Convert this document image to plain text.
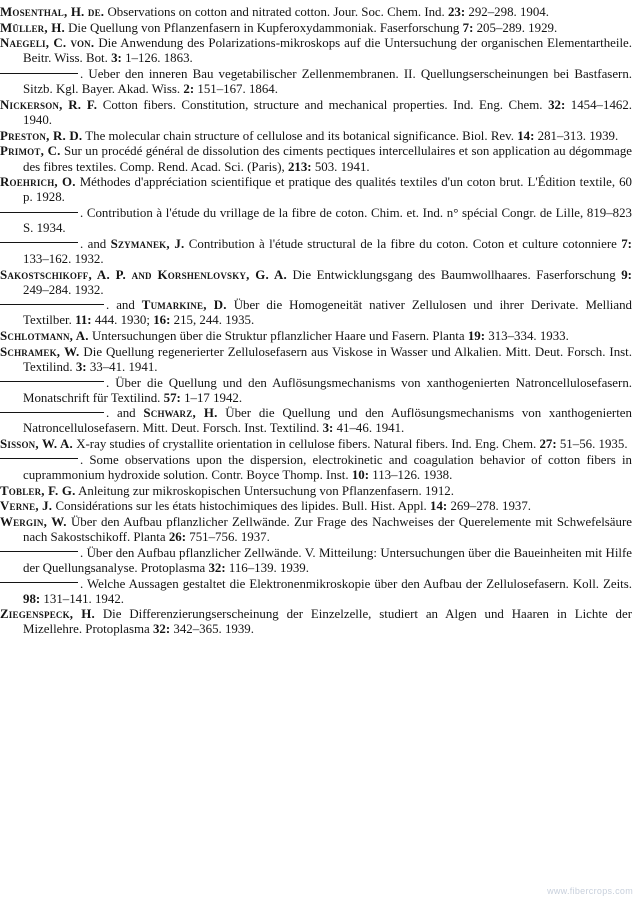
Mosenthal, H. de. Observations on cotton and nitrated cotton. Jour. Soc. Chem. Ind. 23: 292–298. 1904.
Müller, H. Die Quellung von Pflanzenfasern in Kupferoxydammoniak. Faserforschung 7: 205–289. 1929.
Naegeli, C. von. Die Anwendung des Polarizations-mikroskops auf die Untersuchung der organischen Elementartheile. Beitr. Wiss. Bot. 3: 1–126. 1863.
. Ueber den inneren Bau vegetabilischer Zellenmembranen. II. Quellungserscheinungen bei Bastfasern. Sitzb. Kgl. Bayer. Akad. Wiss. 2: 151–167. 1864.
Nickerson, R. F. Cotton fibers. Constitution, structure and mechanical properties. Ind. Eng. Chem. 32: 1454–1462. 1940.
Preston, R. D. The molecular chain structure of cellulose and its botanical significance. Biol. Rev. 14: 281–313. 1939.
Primot, C. Sur un procédé général de dissolution des ciments pectiques intercellulaires et son application au dégommage des fibres textiles. Comp. Rend. Acad. Sci. (Paris), 213: 503. 1941.
Roehrich, O. Méthodes d'appréciation scientifique et pratique des qualités textiles d'un coton brut. L'Édition textile, 60 p. 1928.
. Contribution à l'étude du vrillage de la fibre de coton. Chim. et. Ind. n° spécial Congr. de Lille, 819–823 S. 1934.
. and Szymanek, J. Contribution à l'étude structural de la fibre du coton. Coton et culture cotonniere 7: 133–162. 1932.
Sakostschikoff, A. P. and Korshenlovsky, G. A. Die Entwicklungsgang des Baumwollhaares. Faserforschung 9: 249–284. 1932.
. and Tumarkine, D. Über die Homogeneität nativer Zellulosen und ihrer Derivate. Melliand Textilber. 11: 444. 1930; 16: 215, 244. 1935.
Schlotmann, A. Untersuchungen über die Struktur pflanzlicher Haare und Fasern. Planta 19: 313–334. 1933.
Schramek, W. Die Quellung regenerierter Zellulosefasern aus Viskose in Wasser und Alkalien. Mitt. Deut. Forsch. Inst. Textilind. 3: 33–41. 1941.
. Über die Quellung und den Auflösungsmechanisms von xanthogenierten Natroncellulosefasern. Monatschrift für Textilind. 57: 1–17 1942.
. and Schwarz, H. Über die Quellung und den Auflösungsmechanisms von xanthogenierten Natroncellulosefasern. Mitt. Deut. Forsch. Inst. Textilind. 3: 41–46. 1941.
Sisson, W. A. X-ray studies of crystallite orientation in cellulose fibers. Natural fibers. Ind. Eng. Chem. 27: 51–56. 1935.
. Some observations upon the dispersion, electrokinetic and coagulation behavior of cotton fibers in cuprammonium hydroxide solution. Contr. Boyce Thomp. Inst. 10: 113–126. 1938.
Tobler, F. G. Anleitung zur mikroskopischen Untersuchung von Pflanzenfasern. 1912.
Verne, J. Considérations sur les états histochimiques des lipides. Bull. Hist. Appl. 14: 269–278. 1937.
Wergin, W. Über den Aufbau pflanzlicher Zellwände. Zur Frage des Nachweises der Querelemente mit Schwefelsäure nach Sakostschikoff. Planta 26: 751–756. 1937.
. Über den Aufbau pflanzlicher Zellwände. V. Mitteilung: Untersuchungen über die Baueinheiten mit Hilfe der Quellungsanalyse. Protoplasma 32: 116–139. 1939.
. Welche Aussagen gestaltet die Elektronenmikroskopie über den Aufbau der Zellulosefasern. Koll. Zeits. 98: 131–141. 1942.
Ziegenspeck, H. Die Differenzierungserscheinung der Einzelzelle, studiert an Algen und Haaren in Lichte der Mizellehre. Protoplasma 32: 342–365. 1939.
www.fibercrops.com
